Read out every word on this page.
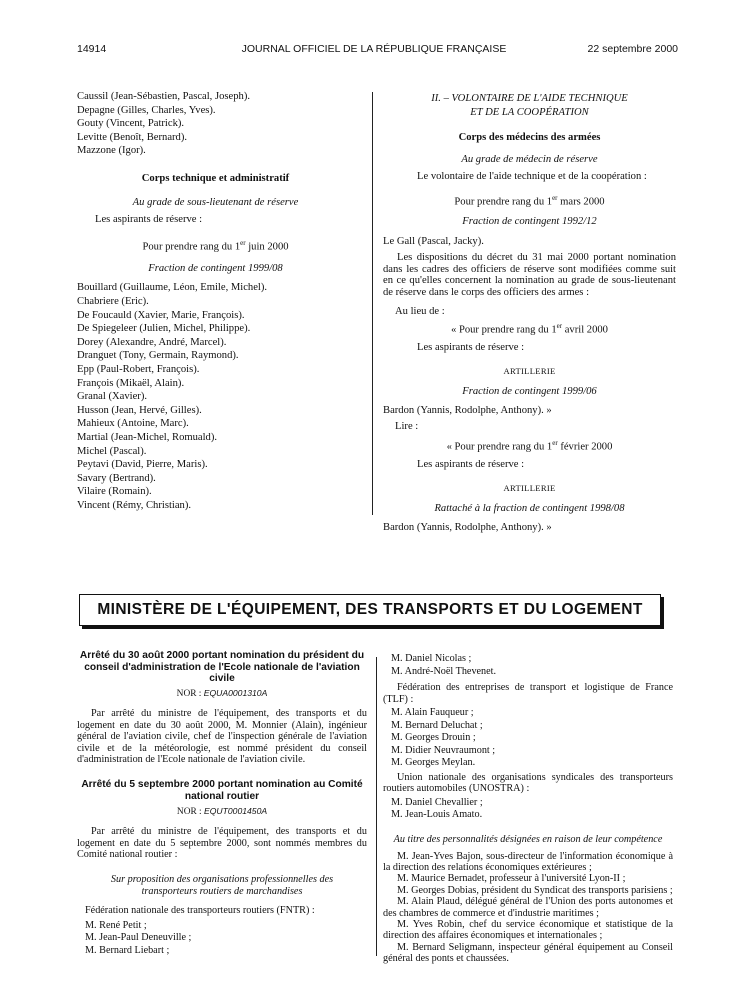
14914	JOURNAL OFFICIEL DE LA RÉPUBLIQUE FRANÇAISE	22 septembre 2000

Caussil (Jean-Sébastien, Pascal, Joseph).

Depagne (Gilles, Charles, Yves).

Gouty (Vincent, Patrick).

Levitte (Benoît, Bernard).

Mazzone (Igor).

Corps technique et administratif

Au grade de sous-lieutenant de réserve

Les aspirants de réserve :

Pour prendre rang du 1er juin 2000

Fraction de contingent 1999/08

Bouillard (Guillaume, Léon, Emile, Michel).

Chabriere (Eric).

De Foucauld (Xavier, Marie, François).

De Spiegeleer (Julien, Michel, Philippe).

Dorey (Alexandre, André, Marcel).

Dranguet (Tony, Germain, Raymond).

Epp (Paul-Robert, François).

François (Mikaël, Alain).

Granal (Xavier).

Husson (Jean, Hervé, Gilles).

Mahieux (Antoine, Marc).

Martial (Jean-Michel, Romuald).

Michel (Pascal).

Peytavi (David, Pierre, Maris).

Savary (Bertrand).

Vilaire (Romain).

Vincent (Rémy, Christian).

II. – VOLONTAIRE DE L'AIDE TECHNIQUE

ET DE LA COOPÉRATION

Corps des médecins des armées

Au grade de médecin de réserve

Le volontaire de l'aide technique et de la coopération :

Pour prendre rang du 1er mars 2000

Fraction de contingent 1992/12

Le Gall (Pascal, Jacky).

Les dispositions du décret du 31 mai 2000 portant nomination dans les cadres des officiers de réserve sont modifiées comme suit en ce qu'elles concernent la nomination au grade de sous-lieutenant de réserve dans le corps des officiers des armes :

Au lieu de :

« Pour prendre rang du 1er avril 2000

Les aspirants de réserve :

ARTILLERIE

Fraction de contingent 1999/06

Bardon (Yannis, Rodolphe, Anthony). »

Lire :

« Pour prendre rang du 1er février 2000

Les aspirants de réserve :

ARTILLERIE

Rattaché à la fraction de contingent 1998/08

Bardon (Yannis, Rodolphe, Anthony). »

MINISTÈRE DE L'ÉQUIPEMENT, DES TRANSPORTS ET DU LOGEMENT

Arrêté du 30 août 2000 portant nomination du président du conseil d'administration de l'Ecole nationale de l'aviation civile

NOR : EQUA0001310A

Par arrêté du ministre de l'équipement, des transports et du logement en date du 30 août 2000, M. Monnier (Alain), ingénieur général de l'aviation civile, chef de l'inspection générale de l'aviation civile et de la météorologie, est nommé président du conseil d'administration de l'Ecole nationale de l'aviation civile.

Arrêté du 5 septembre 2000 portant nomination au Comité national routier

NOR : EQUT0001450A

Par arrêté du ministre de l'équipement, des transports et du logement en date du 5 septembre 2000, sont nommés membres du Comité national routier :

Sur proposition des organisations professionnelles des transporteurs routiers de marchandises

Fédération nationale des transporteurs routiers (FNTR) :

M. René Petit ;

M. Jean-Paul Deneuville ;

M. Bernard Liebart ;

M. Daniel Nicolas ;

M. André-Noël Thevenet.

Fédération des entreprises de transport et logistique de France (TLF) :

M. Alain Fauqueur ;

M. Bernard Deluchat ;

M. Georges Drouin ;

M. Didier Neuvraumont ;

M. Georges Meylan.

Union nationale des organisations syndicales des transporteurs routiers automobiles (UNOSTRA) :

M. Daniel Chevallier ;

M. Jean-Louis Amato.

Au titre des personnalités désignées en raison de leur compétence

M. Jean-Yves Bajon, sous-directeur de l'information économique à la direction des relations économiques extérieures ;

M. Maurice Bernadet, professeur à l'université Lyon-II ;

M. Georges Dobias, président du Syndicat des transports parisiens ;

M. Alain Plaud, délégué général de l'Union des ports autonomes et des chambres de commerce et d'industrie maritimes ;

M. Yves Robin, chef du service économique et statistique de la direction des affaires économiques et internationales ;

M. Bernard Seligmann, inspecteur général équipement au Conseil général des ponts et chaussées.
